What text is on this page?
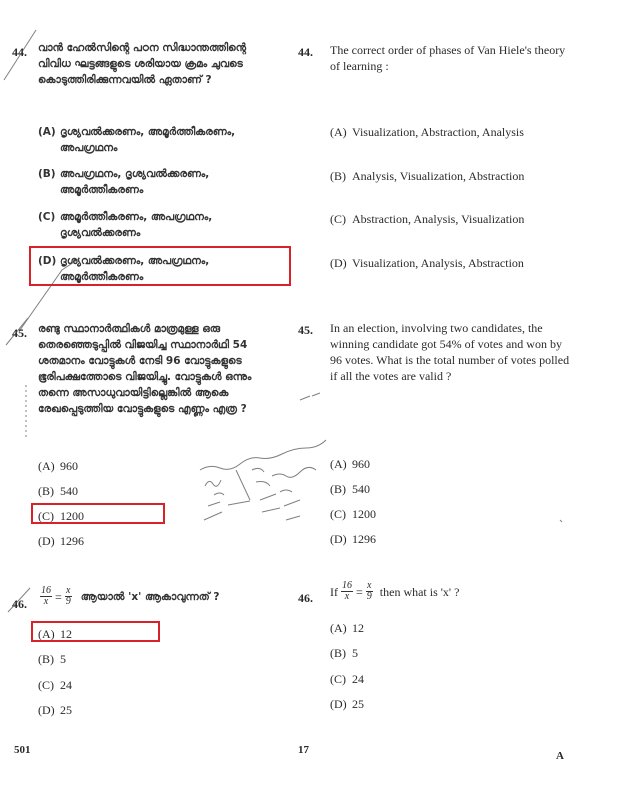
44. വാൻ ഹേൽസിന്റെ പഠന സിദ്ധാന്തത്തിന്റെ വിവിധ ഘട്ടങ്ങളുടെ ശരിയായ ക്രമം ചുവടെ കൊടുത്തിരിക്കുന്നവയിൽ ഏതാണ് ?
(A) ദൃശ്യവൽക്കരണം, അമൂർത്തീകരണം, അപഗ്രഥനം
(B) അപഗ്രഥനം, ദൃശ്യവൽക്കരണം, അമൂർത്തീകരണം
(C) അമൂർത്തീകരണം, അപഗ്രഥനം, ദൃശ്യവൽക്കരണം
(D) ദൃശ്യവൽക്കരണം, അപഗ്രഥനം, അമൂർത്തീകരണം
44. The correct order of phases of Van Hiele's theory of learning :
(A) Visualization, Abstraction, Analysis
(B) Analysis, Visualization, Abstraction
(C) Abstraction, Analysis, Visualization
(D) Visualization, Analysis, Abstraction
45. രണ്ടു സ്ഥാനാർത്ഥികൾ മാത്രമുള്ള ഒരു തെരഞ്ഞെടുപ്പിൽ വിജയിച്ച സ്ഥാനാർഥി 54 ശതമാനം വോട്ടുകൾ നേടി 96 വോട്ടുകളുടെ ഭൂരിപക്ഷത്തോടെ വിജയിച്ചു. വോട്ടുകൾ ഒന്നും തന്നെ അസാധുവായിട്ടില്ലെങ്കിൽ ആകെ രേഖപ്പെടുത്തിയ വോട്ടുകളുടെ എണ്ണം എത്ര ?
(A) 960
(B) 540
(C) 1200
(D) 1296
45. In an election, involving two candidates, the winning candidate got 54% of votes and won by 96 votes. What is the total number of votes polled if all the votes are valid ?
(A) 960
(B) 540
(C) 1200
(D) 1296
46. $\frac{16}{x} = \frac{x}{9}$ ആയാൽ 'x' ആകാവുന്നത് ?
(A) 12
(B) 5
(C) 24
(D) 25
46. If $\frac{16}{x} = \frac{x}{9}$ then what is 'x' ?
(A) 12
(B) 5
(C) 24
(D) 25
501	17	A
